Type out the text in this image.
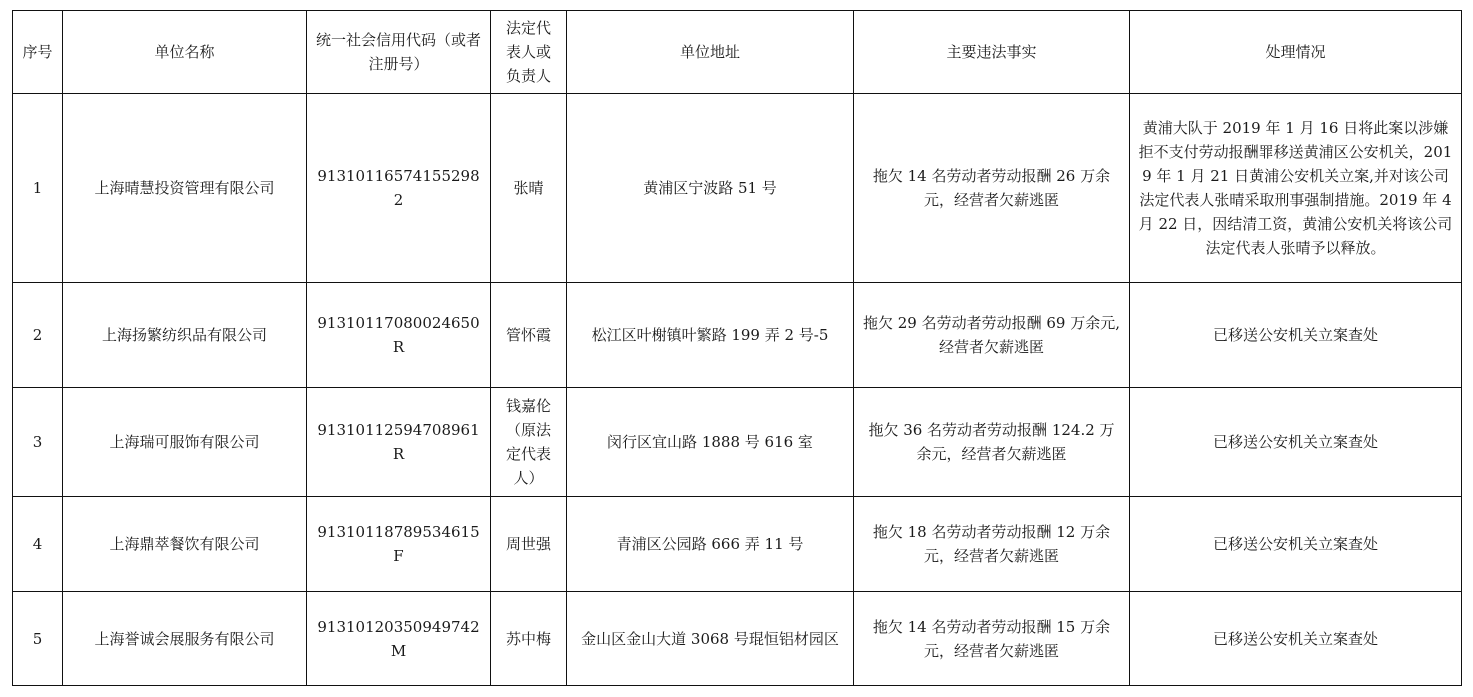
序号	单位名称	统一社会信用代码（或者注册号）	法定代表人或负责人	单位地址	主要违法事实	处理情况
1	上海晴慧投资管理有限公司	913101165741552982	张晴	黄浦区宁波路 51 号	拖欠 14 名劳动者劳动报酬 26 万余元，经营者欠薪逃匿	黄浦大队于 2019 年 1 月 16 日将此案以涉嫌拒不支付劳动报酬罪移送黄浦区公安机关，2019 年 1 月 21 日黄浦公安机关立案,并对该公司法定代表人张晴采取刑事强制措施。2019 年 4 月 22 日，因结清工资，黄浦公安机关将该公司法定代表人张晴予以释放。
2	上海扬繁纺织品有限公司	91310117080024650R	管怀霞	松江区叶榭镇叶繁路 199 弄 2 号-5	拖欠 29 名劳动者劳动报酬 69 万余元,经营者欠薪逃匿	已移送公安机关立案查处
3	上海瑞可服饰有限公司	91310112594708961R	钱嘉伦（原法定代表人）	闵行区宜山路 1888 号 616 室	拖欠 36 名劳动者劳动报酬 124.2 万余元，经营者欠薪逃匿	已移送公安机关立案查处
4	上海鼎萃餐饮有限公司	91310118789534615F	周世强	青浦区公园路 666 弄 11 号	拖欠 18 名劳动者劳动报酬 12 万余元，经营者欠薪逃匿	已移送公安机关立案查处
5	上海誉诚会展服务有限公司	91310120350949742M	苏中梅	金山区金山大道 3068 号琨恒铝材园区	拖欠 14 名劳动者劳动报酬 15 万余元，经营者欠薪逃匿	已移送公安机关立案查处
